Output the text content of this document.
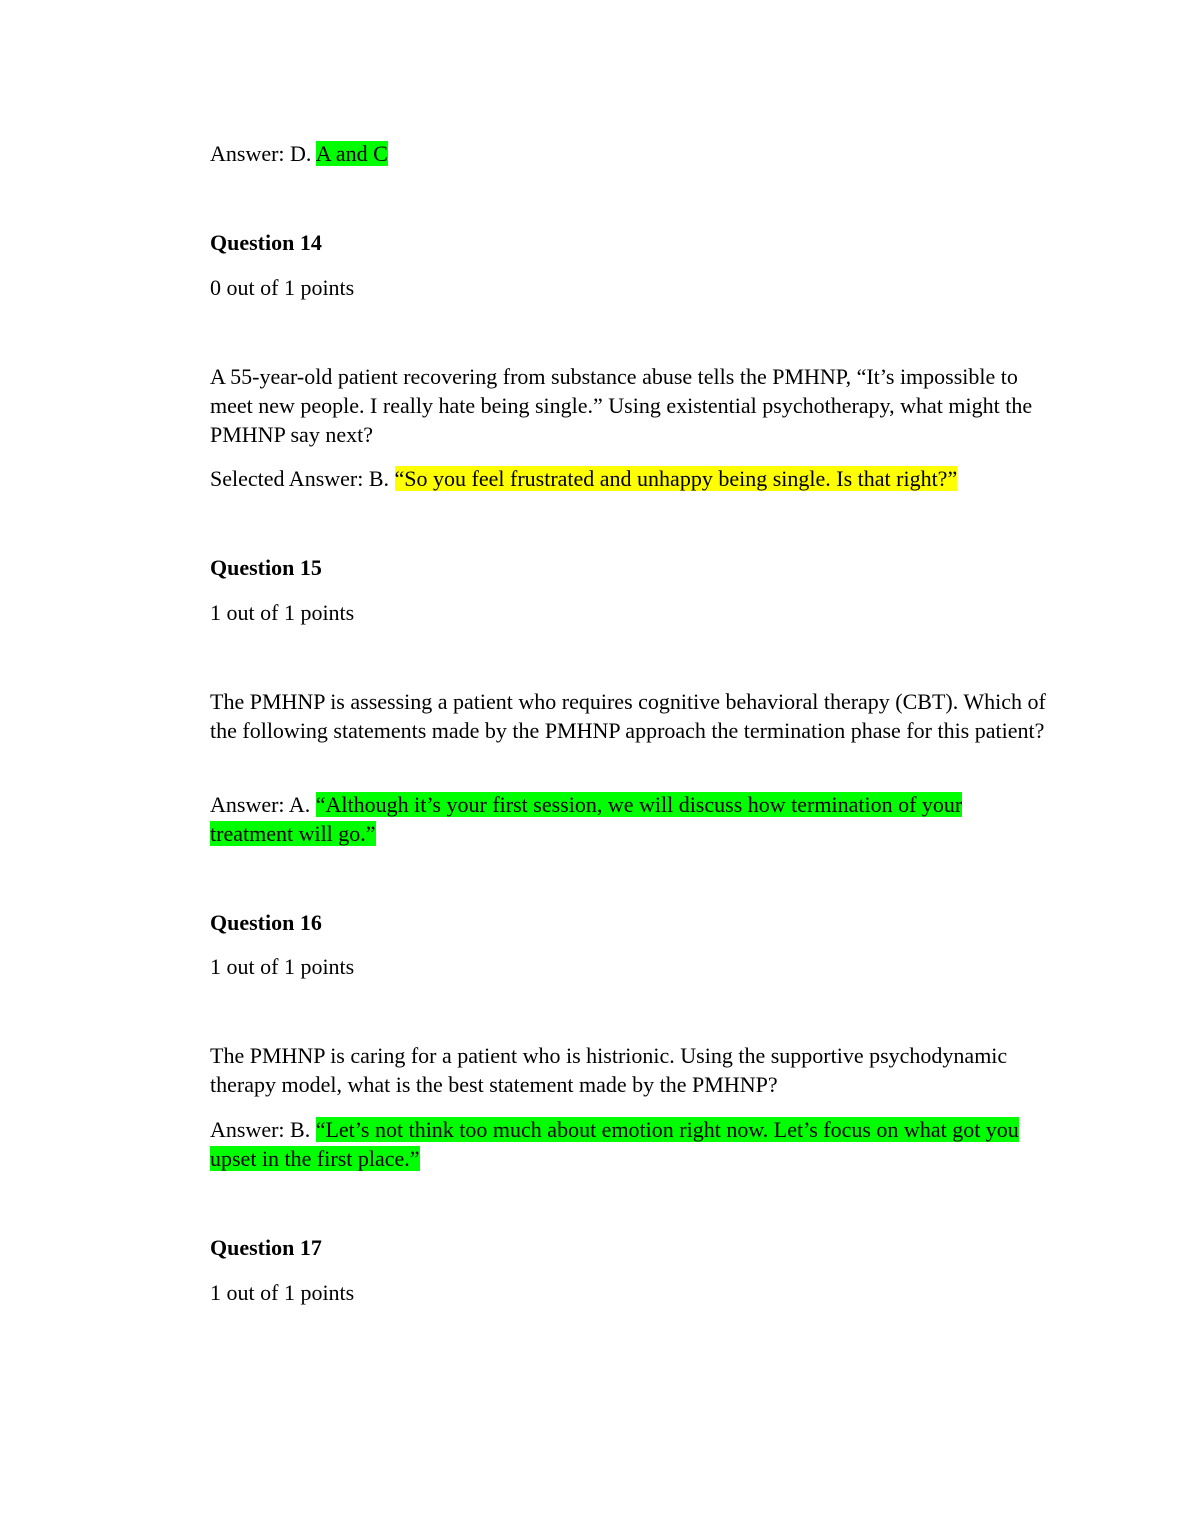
Answer: D. A and C
Question 14
0 out of 1 points
A 55-year-old patient recovering from substance abuse tells the PMHNP, “It’s impossible to meet new people. I really hate being single.” Using existential psychotherapy, what might the PMHNP say next?
Selected Answer: B. “So you feel frustrated and unhappy being single. Is that right?”
Question 15
1 out of 1 points
The PMHNP is assessing a patient who requires cognitive behavioral therapy (CBT). Which of the following statements made by the PMHNP approach the termination phase for this patient?
Answer: A. “Although it’s your first session, we will discuss how termination of your treatment will go.”
Question 16
1 out of 1 points
The PMHNP is caring for a patient who is histrionic. Using the supportive psychodynamic therapy model, what is the best statement made by the PMHNP?
Answer: B. “Let’s not think too much about emotion right now. Let’s focus on what got you upset in the first place.”
Question 17
1 out of 1 points
